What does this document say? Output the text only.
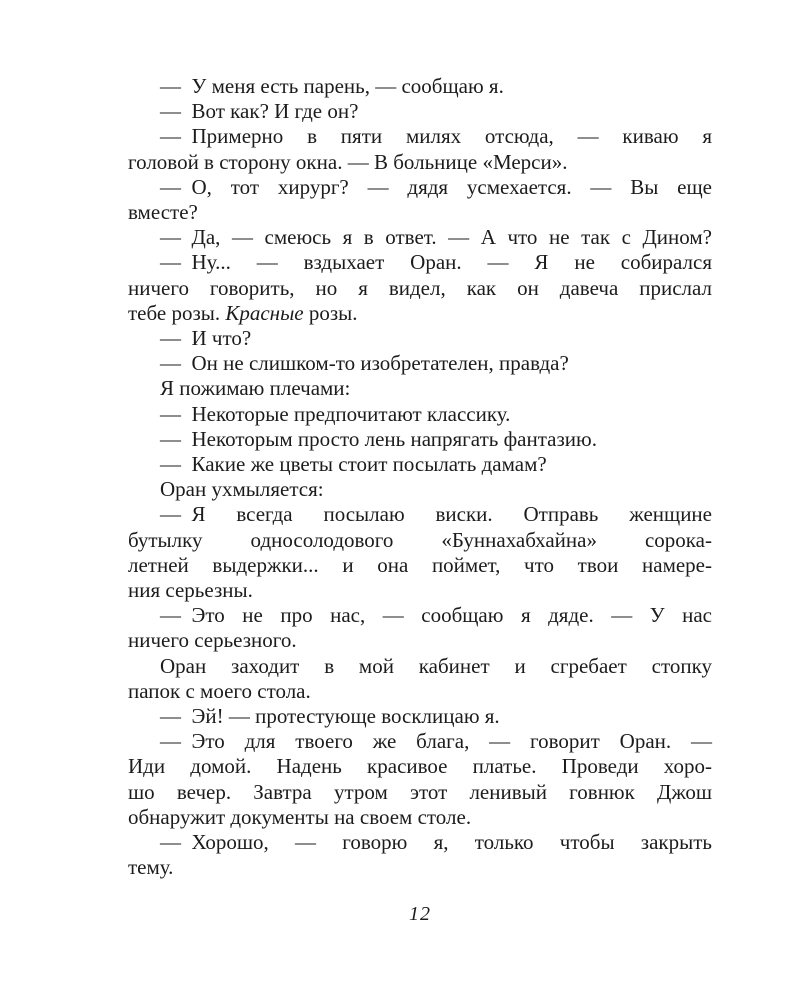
— У меня есть парень, — сообщаю я.
— Вот как? И где он?
— Примерно в пяти милях отсюда, — киваю я
головой в сторону окна. — В больнице «Мерси».
— О, тот хирург? — дядя усмехается. — Вы еще
вместе?
— Да, — смеюсь я в ответ. — А что не так с Дином?
— Ну... — вздыхает Оран. — Я не собирался
ничего говорить, но я видел, как он давеча прислал
тебе розы. Красные розы.
— И что?
— Он не слишком-то изобретателен, правда?
Я пожимаю плечами:
— Некоторые предпочитают классику.
— Некоторым просто лень напрягать фантазию.
— Какие же цветы стоит посылать дамам?
Оран ухмыляется:
— Я всегда посылаю виски. Отправь женщине
бутылку односолодового «Буннахабхайна» сорока-
летней выдержки... и она поймет, что твои намере-
ния серьезны.
— Это не про нас, — сообщаю я дяде. — У нас
ничего серьезного.
Оран заходит в мой кабинет и сгребает стопку
папок с моего стола.
— Эй! — протестующе восклицаю я.
— Это для твоего же блага, — говорит Оран. —
Иди домой. Надень красивое платье. Проведи хоро-
шо вечер. Завтра утром этот ленивый говнюк Джош
обнаружит документы на своем столе.
— Хорошо, — говорю я, только чтобы закрыть
тему.
12
